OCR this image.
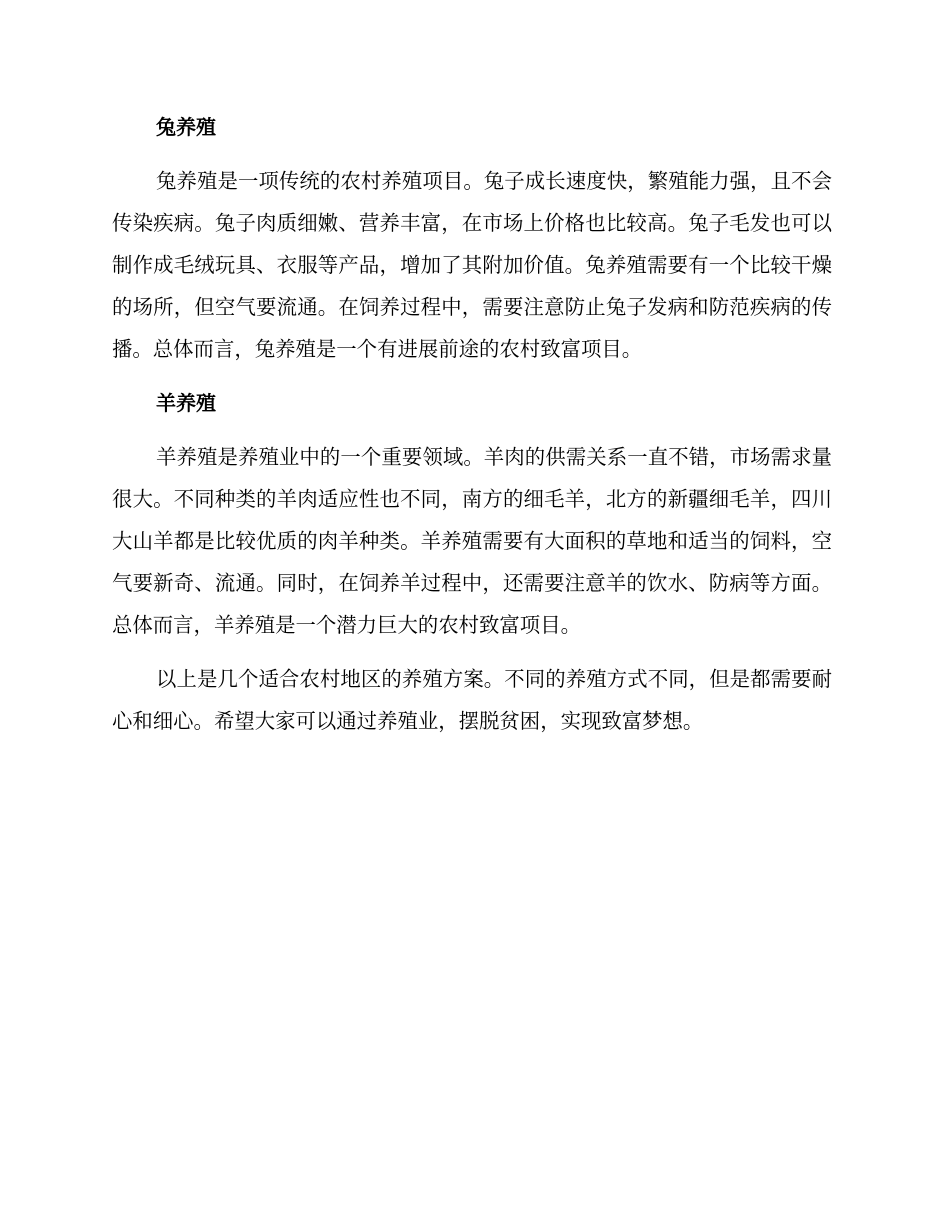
兔养殖

兔养殖是一项传统的农村养殖项目。兔子成长速度快，繁殖能力强，且不会传染疾病。兔子肉质细嫩、营养丰富，在市场上价格也比较高。兔子毛发也可以制作成毛绒玩具、衣服等产品，增加了其附加价值。兔养殖需要有一个比较干燥的场所，但空气要流通。在饲养过程中，需要注意防止兔子发病和防范疾病的传播。总体而言，兔养殖是一个有进展前途的农村致富项目。

羊养殖

羊养殖是养殖业中的一个重要领域。羊肉的供需关系一直不错，市场需求量很大。不同种类的羊肉适应性也不同，南方的细毛羊，北方的新疆细毛羊，四川大山羊都是比较优质的肉羊种类。羊养殖需要有大面积的草地和适当的饲料，空气要新奇、流通。同时，在饲养羊过程中，还需要注意羊的饮水、防病等方面。总体而言，羊养殖是一个潜力巨大的农村致富项目。

以上是几个适合农村地区的养殖方案。不同的养殖方式不同，但是都需要耐心和细心。希望大家可以通过养殖业，摆脱贫困，实现致富梦想。
